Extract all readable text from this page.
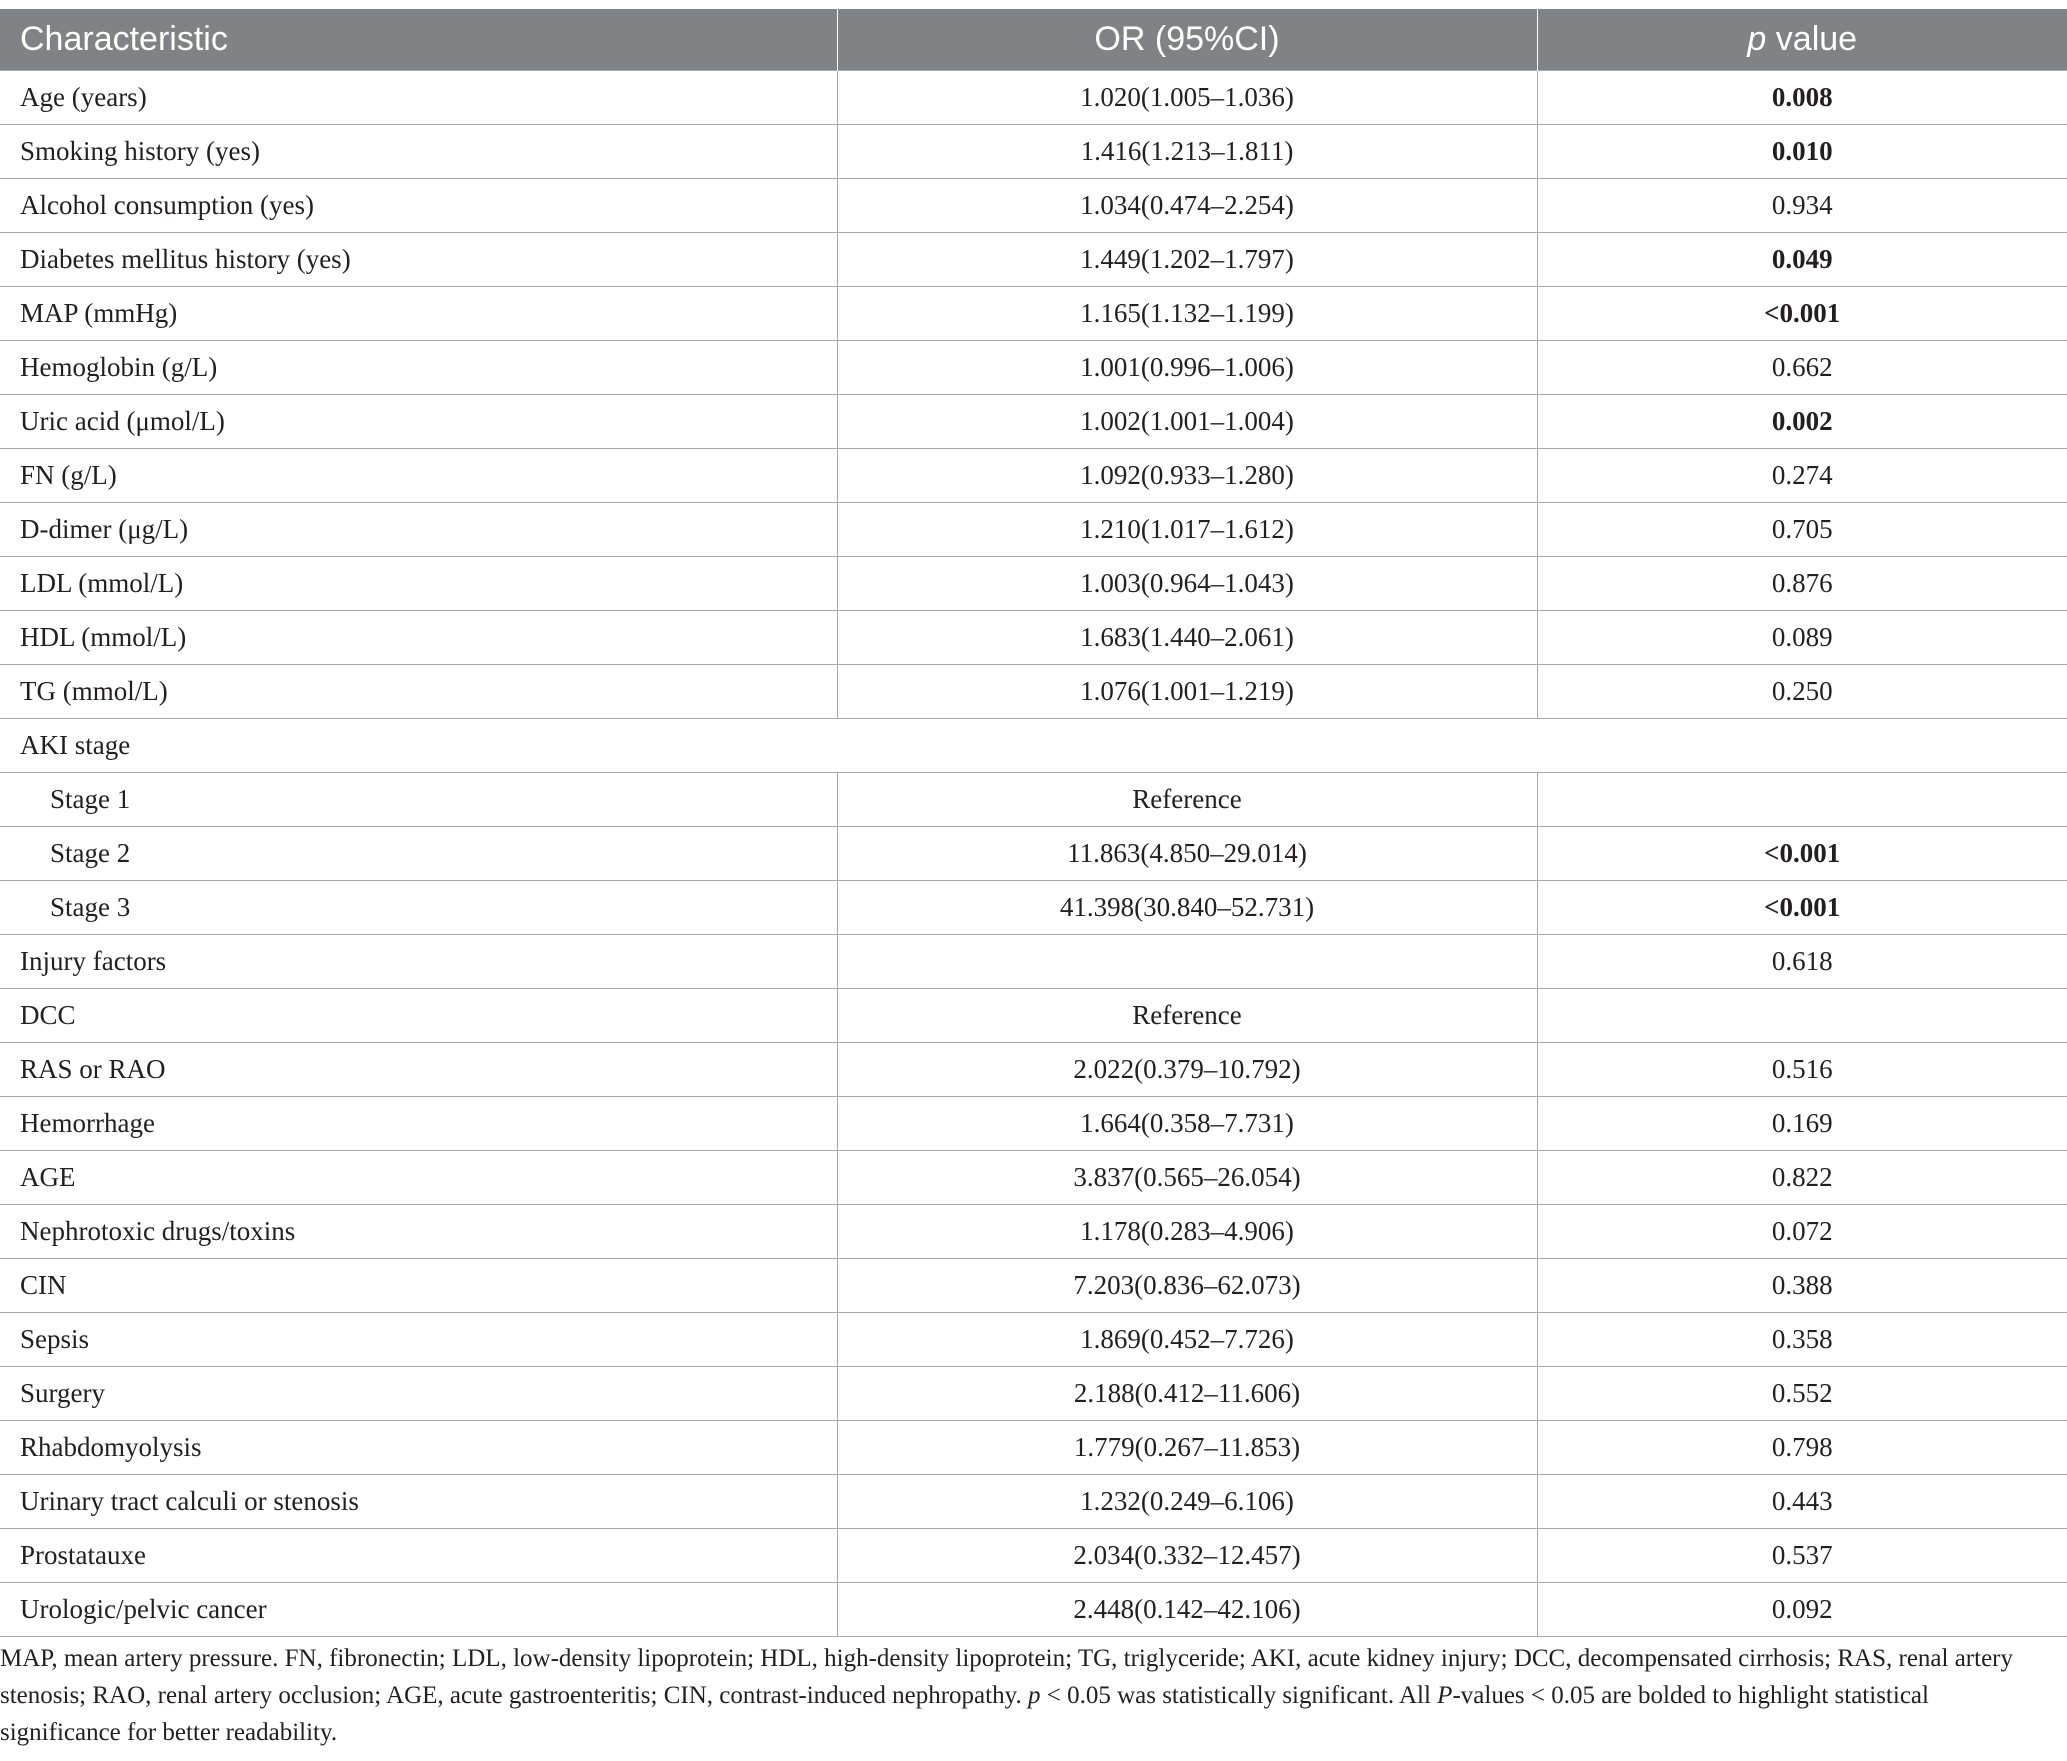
Characteristic	OR (95%CI)	p value
Age (years)	1.020(1.005–1.036)	0.008
Smoking history (yes)	1.416(1.213–1.811)	0.010
Alcohol consumption (yes)	1.034(0.474–2.254)	0.934
Diabetes mellitus history (yes)	1.449(1.202–1.797)	0.049
MAP (mmHg)	1.165(1.132–1.199)	<0.001
Hemoglobin (g/L)	1.001(0.996–1.006)	0.662
Uric acid (μmol/L)	1.002(1.001–1.004)	0.002
FN (g/L)	1.092(0.933–1.280)	0.274
D-dimer (μg/L)	1.210(1.017–1.612)	0.705
LDL (mmol/L)	1.003(0.964–1.043)	0.876
HDL (mmol/L)	1.683(1.440–2.061)	0.089
TG (mmol/L)	1.076(1.001–1.219)	0.250
AKI stage		
Stage 1	Reference	
Stage 2	11.863(4.850–29.014)	<0.001
Stage 3	41.398(30.840–52.731)	<0.001
Injury factors		0.618
DCC	Reference	
RAS or RAO	2.022(0.379–10.792)	0.516
Hemorrhage	1.664(0.358–7.731)	0.169
AGE	3.837(0.565–26.054)	0.822
Nephrotoxic drugs/toxins	1.178(0.283–4.906)	0.072
CIN	7.203(0.836–62.073)	0.388
Sepsis	1.869(0.452–7.726)	0.358
Surgery	2.188(0.412–11.606)	0.552
Rhabdomyolysis	1.779(0.267–11.853)	0.798
Urinary tract calculi or stenosis	1.232(0.249–6.106)	0.443
Prostatauxe	2.034(0.332–12.457)	0.537
Urologic/pelvic cancer	2.448(0.142–42.106)	0.092
MAP, mean artery pressure. FN, fibronectin; LDL, low-density lipoprotein; HDL, high-density lipoprotein; TG, triglyceride; AKI, acute kidney injury; DCC, decompensated cirrhosis; RAS, renal artery stenosis; RAO, renal artery occlusion; AGE, acute gastroenteritis; CIN, contrast-induced nephropathy. p < 0.05 was statistically significant. All P-values < 0.05 are bolded to highlight statistical significance for better readability.
